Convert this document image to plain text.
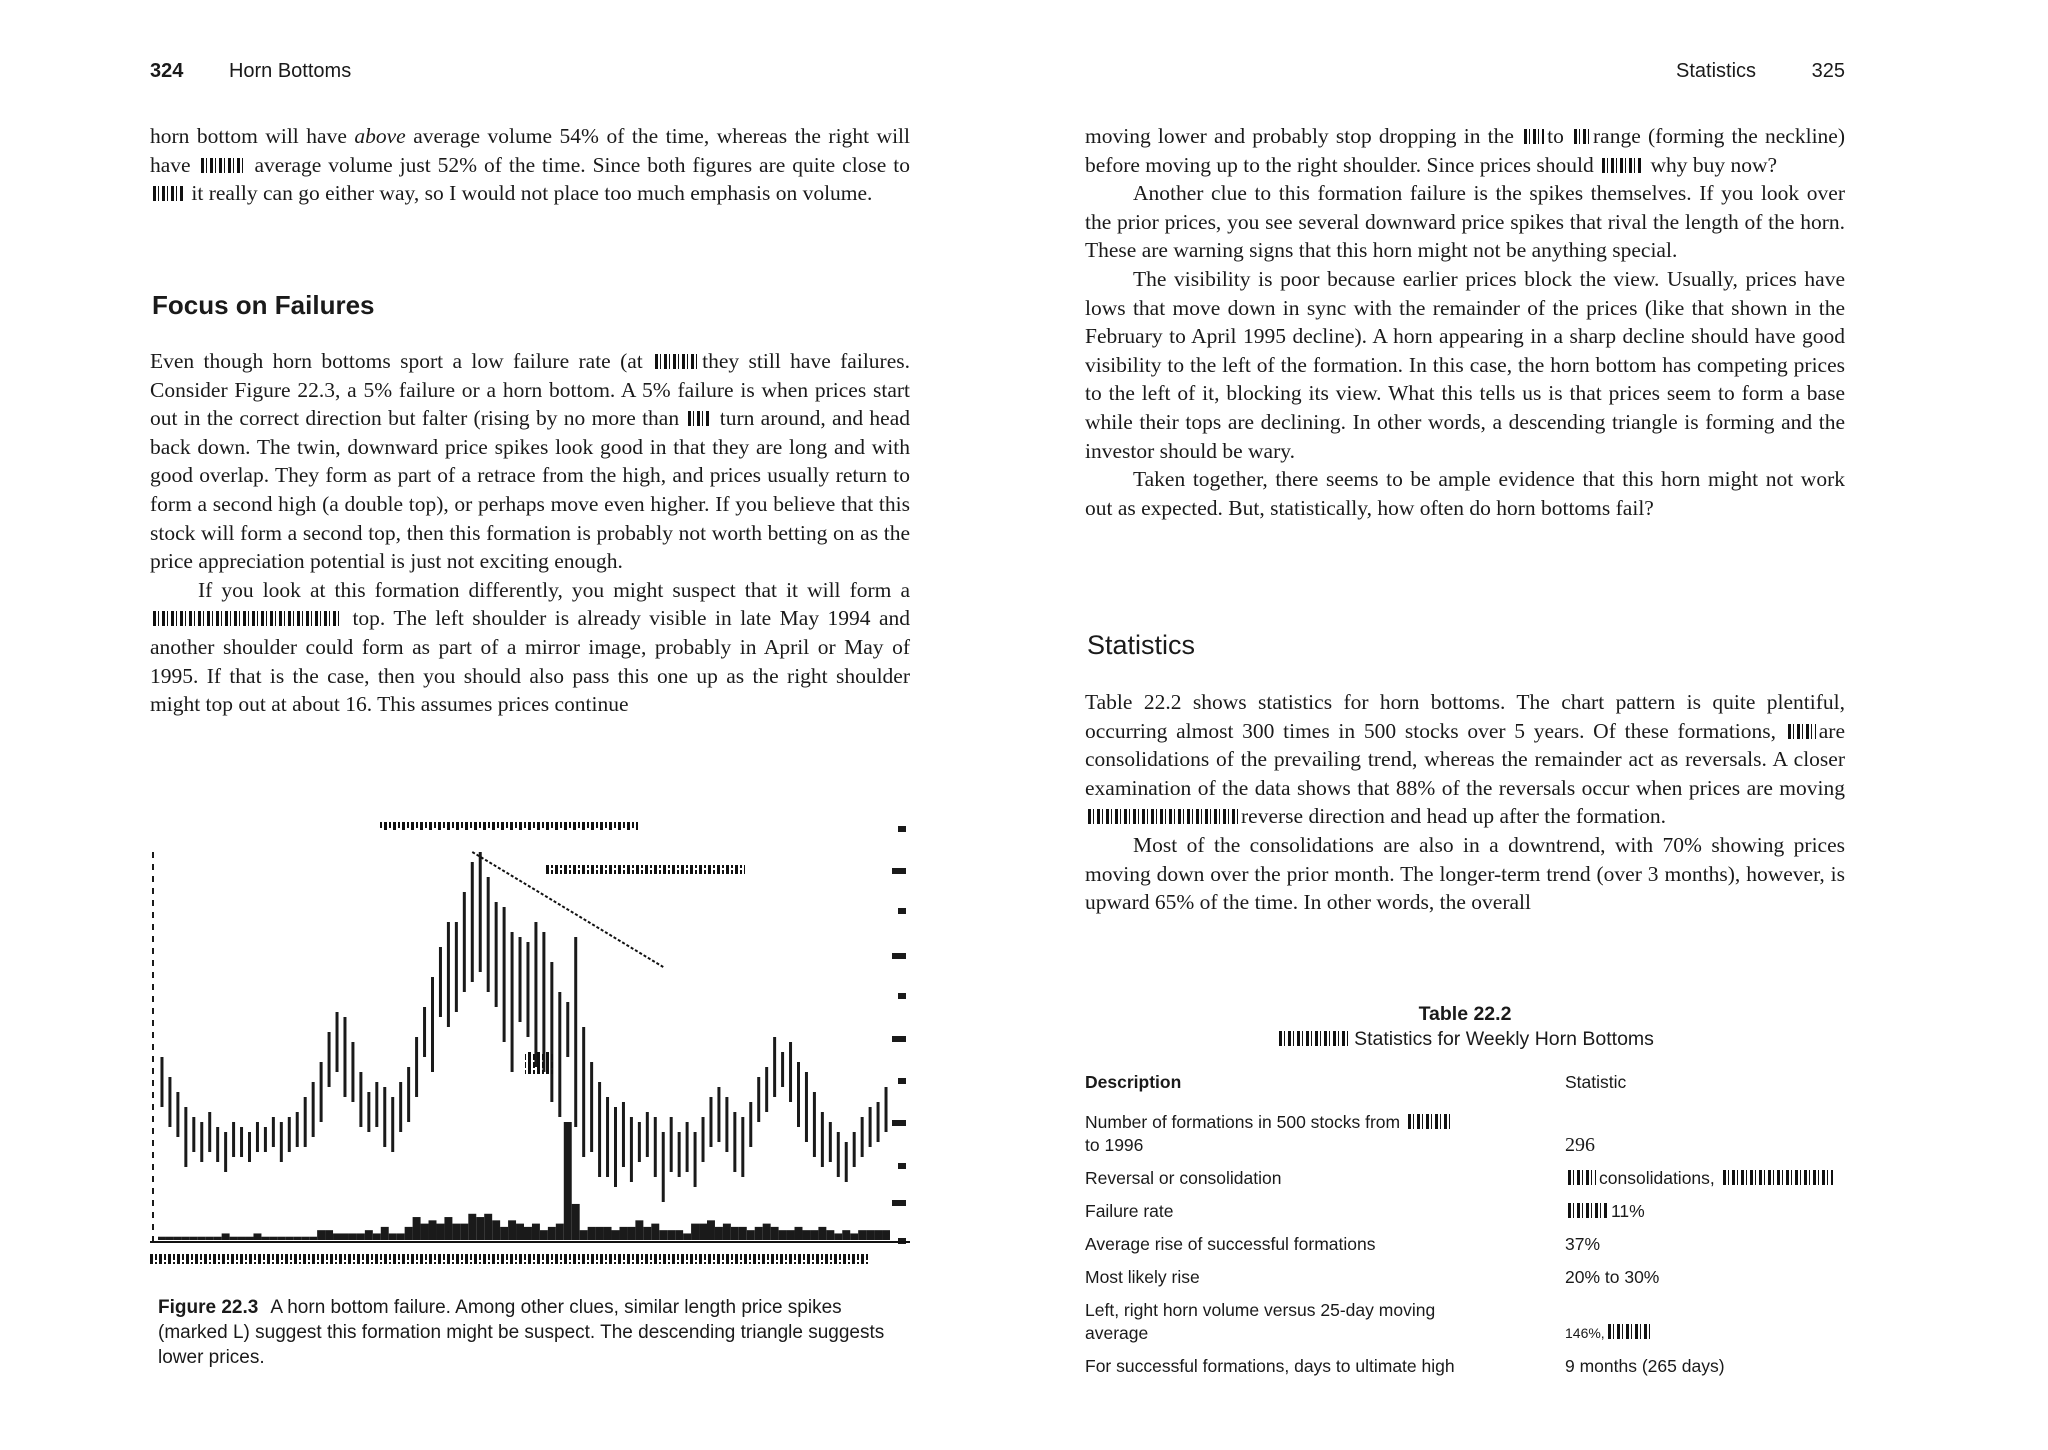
324 Horn Bottoms

horn bottom will have above average volume 54% of the time, whereas the right will have  average volume just 52% of the time. Since both figures are quite close to  it really can go either way, so I would not place too much emphasis on volume.

Focus on Failures

Even though horn bottoms sport a low failure rate (at they still have failures. Consider Figure 22.3, a 5% failure or a horn bottom. A 5% failure is when prices start out in the correct direction but falter (rising by no more than  turn around, and head back down. The twin, downward price spikes look good in that they are long and with good overlap. They form as part of a retrace from the high, and prices usually return to form a second high (a double top), or perhaps move even higher. If you believe that this stock will form a second top, then this formation is probably not worth betting on as the price appreciation potential is just not exciting enough.

If you look at this formation differently, you might suspect that it will form a  top. The left shoulder is already visible in late May 1994 and another shoulder could form as part of a mirror image, probably in April or May of 1995. If that is the case, then you should also pass this one up as the right shoulder might top out at about 16. This assumes prices continue

Figure 22.3 A horn bottom failure. Among other clues, similar length price spikes (marked L) suggest this formation might be suspect. The descending triangle suggests lower prices.
Statistics	325

moving lower and probably stop dropping in the to range (forming the neckline) before moving up to the right shoulder. Since prices should  why buy now?

Another clue to this formation failure is the spikes themselves. If you look over the prior prices, you see several downward price spikes that rival the length of the horn. These are warning signs that this horn might not be anything special.

The visibility is poor because earlier prices block the view. Usually, prices have lows that move down in sync with the remainder of the prices (like that shown in the February to April 1995 decline). A horn appearing in a sharp decline should have good visibility to the left of the formation. In this case, the horn bottom has competing prices to the left of it, blocking its view. What this tells us is that prices seem to form a base while their tops are declining. In other words, a descending triangle is forming and the investor should be wary.

Taken together, there seems to be ample evidence that this horn might not work out as expected. But, statistically, how often do horn bottoms fail?

Statistics

Table 22.2 shows statistics for horn bottoms. The chart pattern is quite plentiful, occurring almost 300 times in 500 stocks over 5 years. Of these formations, are consolidations of the prevailing trend, whereas the remainder act as reversals. A closer examination of the data shows that 88% of the reversals occur when prices are moving reverse direction and head up after the formation.

Most of the consolidations are also in a downtrend, with 70% showing prices moving down over the prior month. The longer-term trend (over 3 months), however, is upward 65% of the time. In other words, the overall

Table 22.2
Statistics for Weekly Horn Bottoms
Description	Statistic
Number of formations in 500 stocks from
to 1996	296
Reversal or consolidation	consolidations,
Failure rate	11%
Average rise of successful formations	37%
Most likely rise	20% to 30%
Left, right horn volume versus 25-day moving
average	146%,
For successful formations, days to ultimate high	9 months (265 days)
